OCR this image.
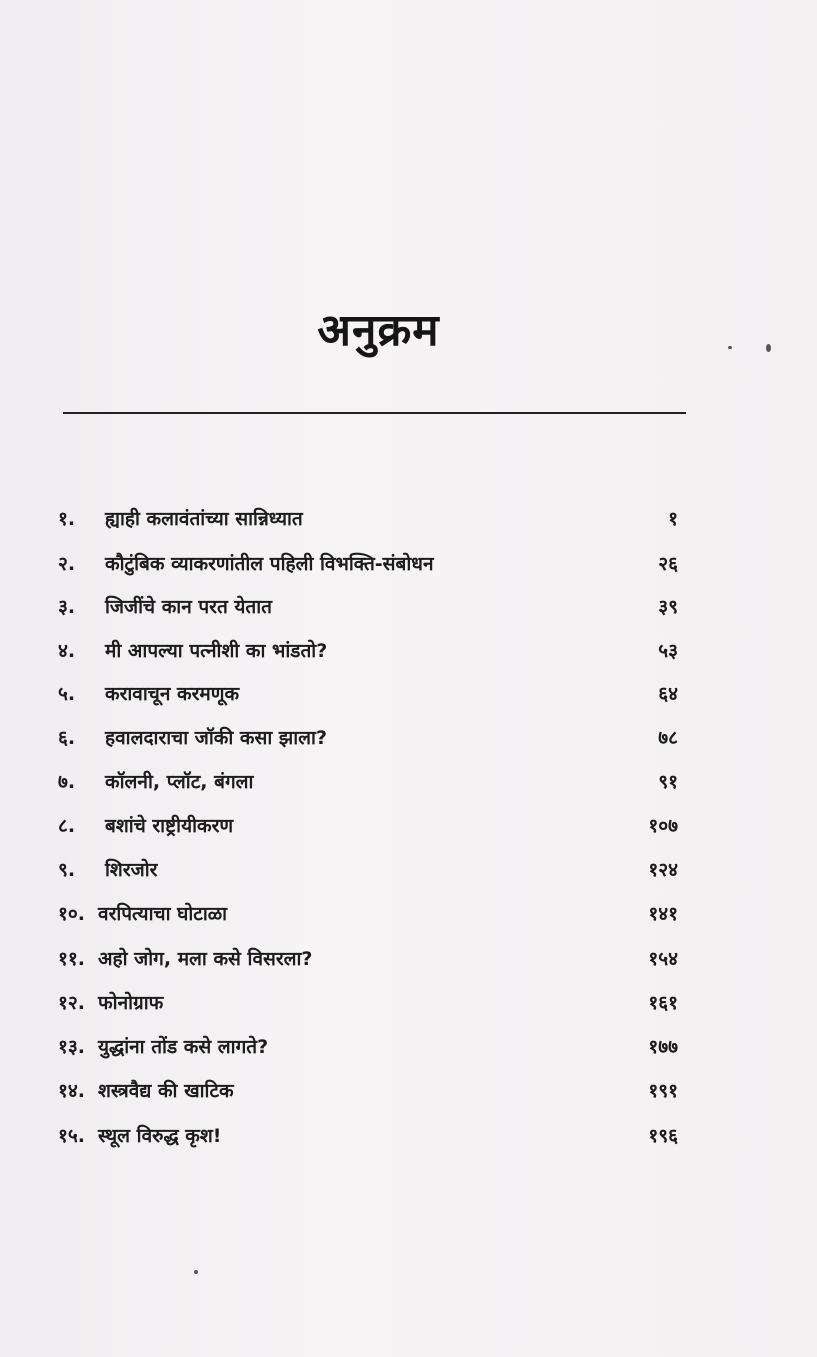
अनुक्रम
१. ह्याही कलावंतांच्या सान्निध्यात	१
२. कौटुंबिक व्याकरणांतील पहिली विभक्ति-संबोधन	२६
३. जिजींचे कान परत येतात	३९
४. मी आपल्या पत्नीशी का भांडतो?	५३
५. करावाचून करमणूक	६४
६. हवालदाराचा जॉकी कसा झाला?	७८
७. कॉलनी, प्लॉट, बंगला	९१
८. बशांचे राष्ट्रीयीकरण	१०७
९. शिरजोर	१२४
१०. वरपित्याचा घोटाळा	१४१
११. अहो जोग, मला कसे विसरला?	१५४
१२. फोनोग्राफ	१६१
१३. युद्धांना तोंड कसे लागते?	१७७
१४. शस्त्रवैद्य की खाटिक	१९१
१५. स्थूल विरुद्ध कृश!	१९६
